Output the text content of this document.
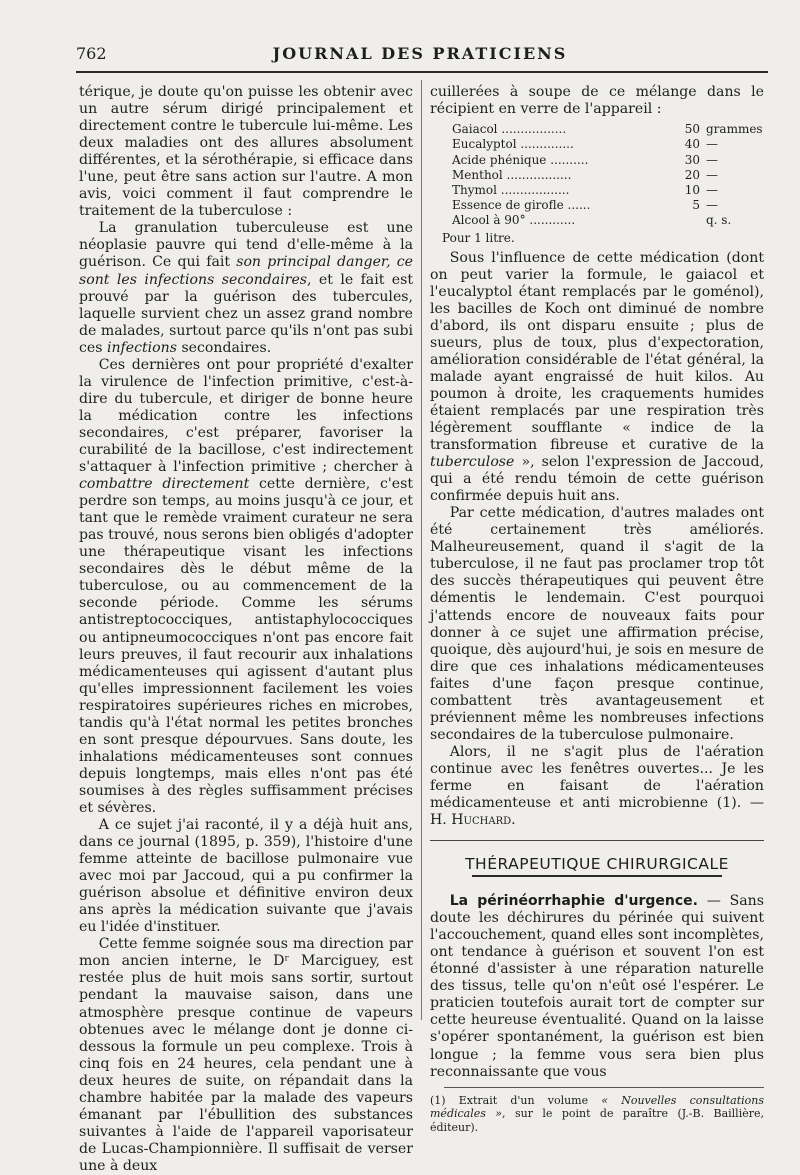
762	JOURNAL DES PRATICIENS

térique, je doute qu'on puisse les obtenir avec un autre sérum dirigé principalement et directement contre le tubercule lui-même. Les deux maladies ont des allures absolument différentes, et la sérothérapie, si efficace dans l'une, peut être sans action sur l'autre. A mon avis, voici comment il faut comprendre le traitement de la tuberculose :

La granulation tuberculeuse est une néoplasie pauvre qui tend d'elle-même à la guérison. Ce qui fait son principal danger, ce sont les infections secondaires, et le fait est prouvé par la guérison des tubercules, laquelle survient chez un assez grand nombre de malades, surtout parce qu'ils n'ont pas subi ces infections secondaires.

Ces dernières ont pour propriété d'exalter la virulence de l'infection primitive, c'est-à-dire du tubercule, et diriger de bonne heure la médication contre les infections secondaires, c'est préparer, favoriser la curabilité de la bacillose, c'est indirectement s'attaquer à l'infection primitive ; chercher à combattre directement cette dernière, c'est perdre son temps, au moins jusqu'à ce jour, et tant que le remède vraiment curateur ne sera pas trouvé, nous serons bien obligés d'adopter une thérapeutique visant les infections secondaires dès le début même de la tuberculose, ou au commencement de la seconde période. Comme les sérums antistreptococciques, antistaphylococciques ou antipneumococciques n'ont pas encore fait leurs preuves, il faut recourir aux inhalations médicamenteuses qui agissent d'autant plus qu'elles impressionnent facilement les voies respiratoires supérieures riches en microbes, tandis qu'à l'état normal les petites bronches en sont presque dépourvues. Sans doute, les inhalations médicamenteuses sont connues depuis longtemps, mais elles n'ont pas été soumises à des règles suffisamment précises et sévères.

A ce sujet j'ai raconté, il y a déjà huit ans, dans ce journal (1895, p. 359), l'histoire d'une femme atteinte de bacillose pulmonaire vue avec moi par Jaccoud, qui a pu confirmer la guérison absolue et définitive environ deux ans après la médication suivante que j'avais eu l'idée d'instituer.

Cette femme soignée sous ma direction par mon ancien interne, le Dʳ Marciguey, est restée plus de huit mois sans sortir, surtout pendant la mauvaise saison, dans une atmosphère presque continue de vapeurs obtenues avec le mélange dont je donne ci-dessous la formule un peu complexe. Trois à cinq fois en 24 heures, cela pendant une à deux heures de suite, on répandait dans la chambre habitée par la malade des vapeurs émanant par l'ébullition des substances suivantes à l'aide de l'appareil vaporisateur de Lucas-Championnière. Il suffisait de verser une à deux

cuillerées à soupe de ce mélange dans le récipient en verre de l'appareil :

Gaiacol .................	50	grammes
Eucalyptol ..............	40	—
Acide phénique ..........	30	—
Menthol .................	20	—
Thymol ..................	10	—
Essence de girofle ......	5	—
Alcool à 90° ............		q. s.
Pour 1 litre.

Sous l'influence de cette médication (dont on peut varier la formule, le gaiacol et l'eucalyptol étant remplacés par le goménol), les bacilles de Koch ont diminué de nombre d'abord, ils ont disparu ensuite ; plus de sueurs, plus de toux, plus d'expectoration, amélioration considérable de l'état général, la malade ayant engraissé de huit kilos. Au poumon à droite, les craquements humides étaient remplacés par une respiration très légèrement soufflante « indice de la transformation fibreuse et curative de la tuberculose », selon l'expression de Jaccoud, qui a été rendu témoin de cette guérison confirmée depuis huit ans.

Par cette médication, d'autres malades ont été certainement très améliorés. Malheureusement, quand il s'agit de la tuberculose, il ne faut pas proclamer trop tôt des succès thérapeutiques qui peuvent être démentis le lendemain. C'est pourquoi j'attends encore de nouveaux faits pour donner à ce sujet une affirmation précise, quoique, dès aujourd'hui, je sois en mesure de dire que ces inhalations médicamenteuses faites d'une façon presque continue, combattent très avantageusement et préviennent même les nombreuses infections secondaires de la tuberculose pulmonaire.

Alors, il ne s'agit plus de l'aération continue avec les fenêtres ouvertes... Je les ferme en faisant de l'aération médicamenteuse et anti microbienne (1). — H. Huchard.

THÉRAPEUTIQUE CHIRURGICALE

La périnéorrhaphie d'urgence. — Sans doute les déchirures du périnée qui suivent l'accouchement, quand elles sont incomplètes, ont tendance à guérison et souvent l'on est étonné d'assister à une réparation naturelle des tissus, telle qu'on n'eût osé l'espérer. Le praticien toutefois aurait tort de compter sur cette heureuse éventualité. Quand on la laisse s'opérer spontanément, la guérison est bien longue ; la femme vous sera bien plus reconnaissante que vous

(1) Extrait d'un volume « Nouvelles consultations médicales », sur le point de paraître (J.-B. Baillière, éditeur).
